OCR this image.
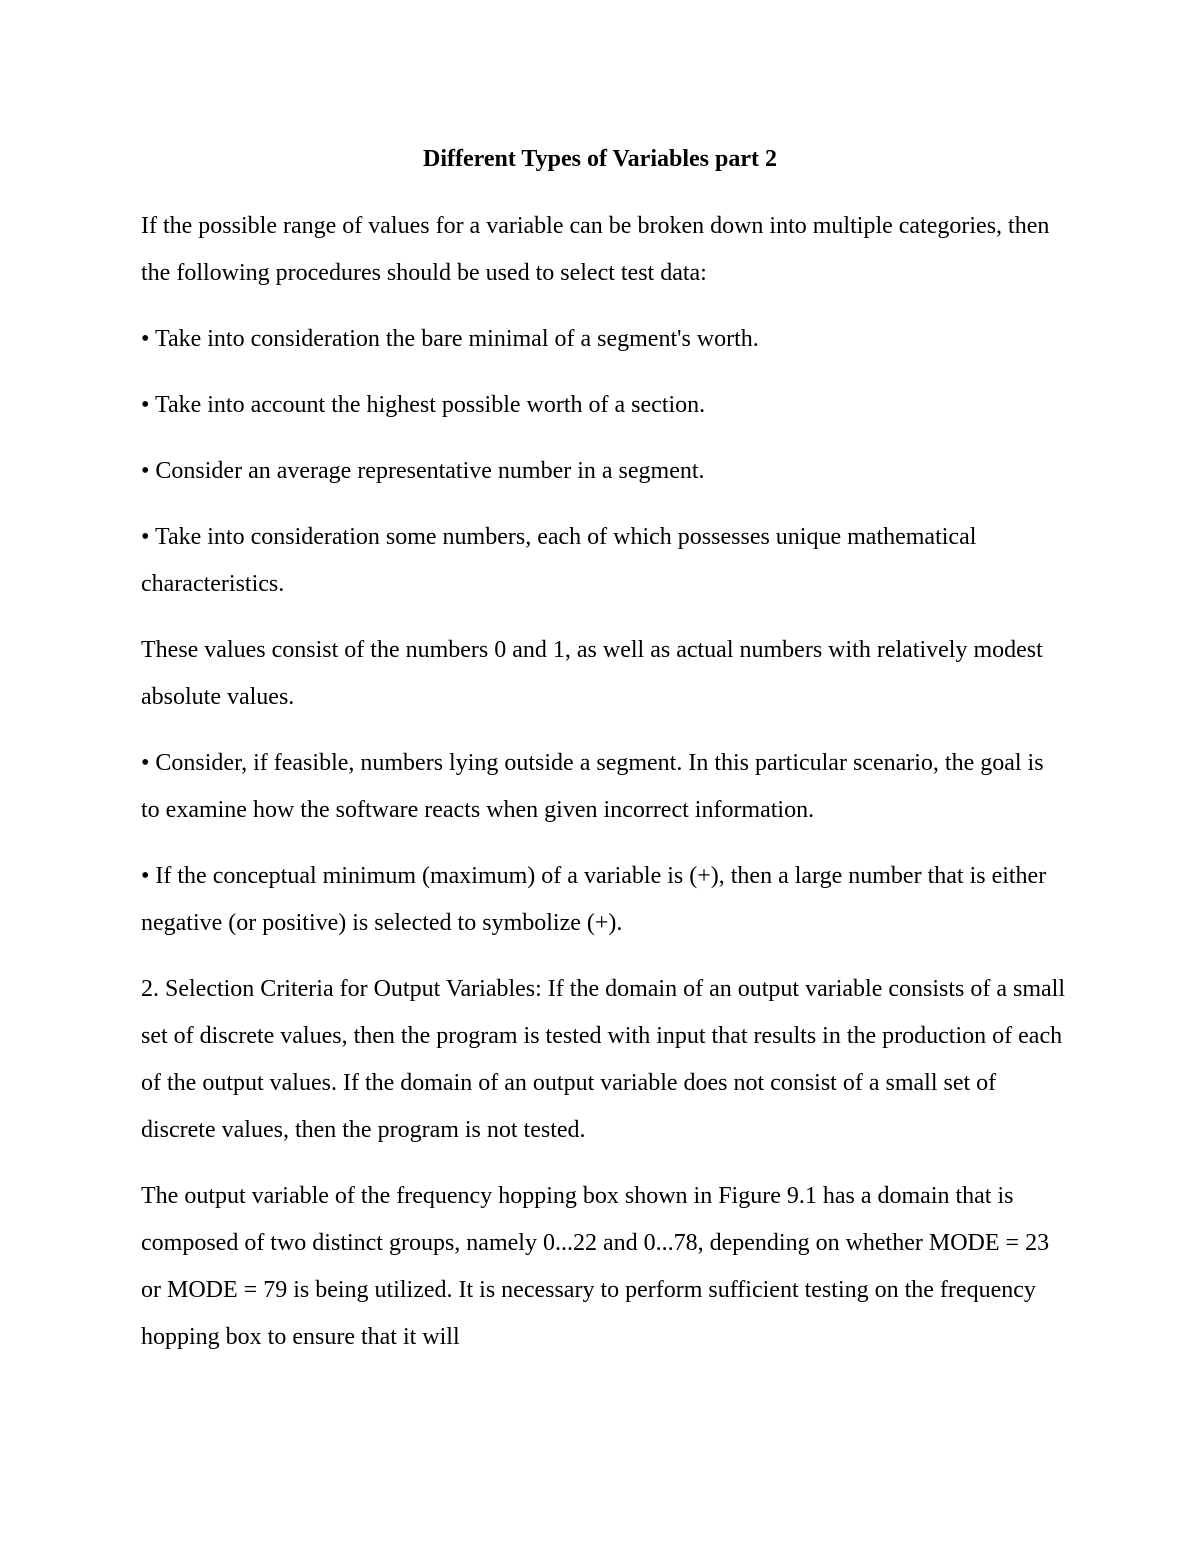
Different Types of Variables part 2

If the possible range of values for a variable can be broken down into multiple categories, then the following procedures should be used to select test data:

• Take into consideration the bare minimal of a segment's worth.

• Take into account the highest possible worth of a section.

• Consider an average representative number in a segment.

• Take into consideration some numbers, each of which possesses unique mathematical characteristics.

These values consist of the numbers 0 and 1, as well as actual numbers with relatively modest absolute values.

• Consider, if feasible, numbers lying outside a segment. In this particular scenario, the goal is to examine how the software reacts when given incorrect information.

• If the conceptual minimum (maximum) of a variable is (+), then a large number that is either negative (or positive) is selected to symbolize (+).

2. Selection Criteria for Output Variables: If the domain of an output variable consists of a small set of discrete values, then the program is tested with input that results in the production of each of the output values. If the domain of an output variable does not consist of a small set of discrete values, then the program is not tested.

The output variable of the frequency hopping box shown in Figure 9.1 has a domain that is composed of two distinct groups, namely 0...22 and 0...78, depending on whether MODE = 23 or MODE = 79 is being utilized. It is necessary to perform sufficient testing on the frequency hopping box to ensure that it will
